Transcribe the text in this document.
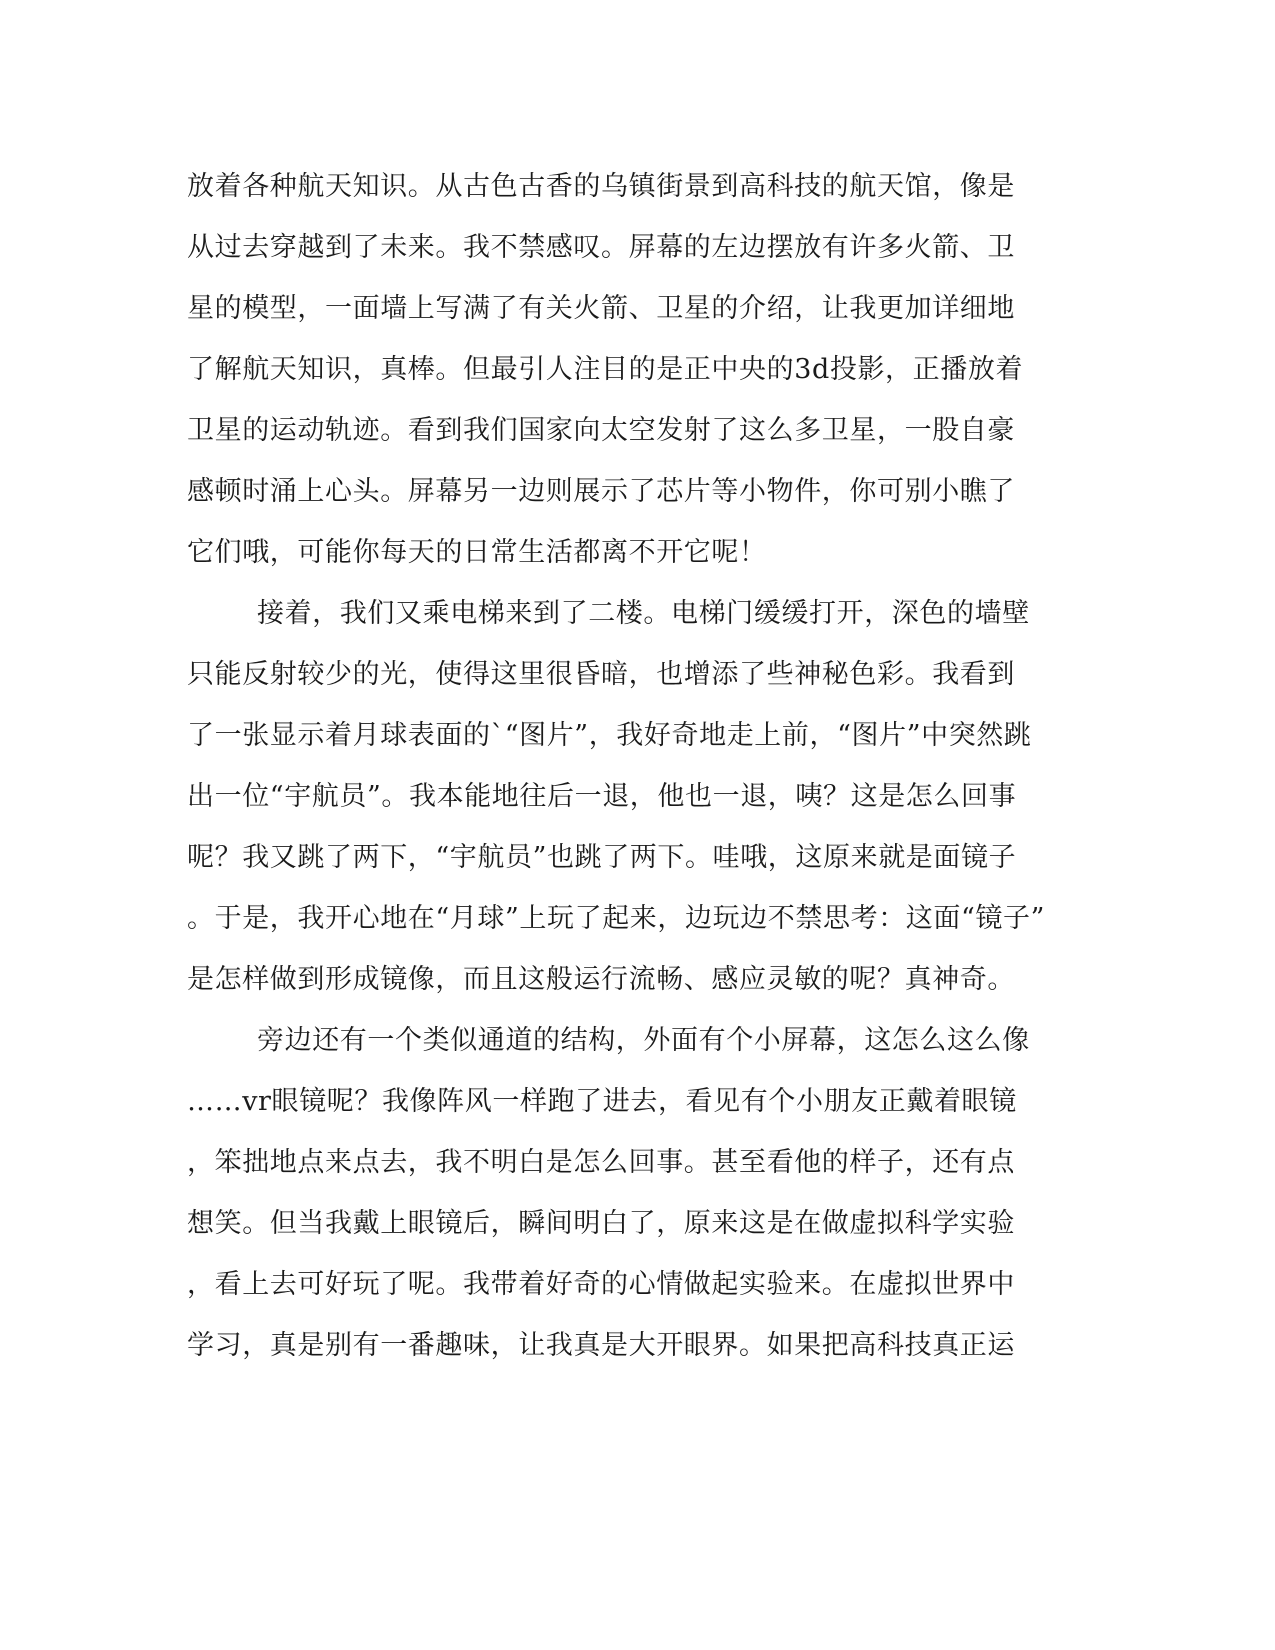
放着各种航天知识。从古色古香的乌镇街景到高科技的航天馆，像是
从过去穿越到了未来。我不禁感叹。屏幕的左边摆放有许多火箭、卫
星的模型，一面墙上写满了有关火箭、卫星的介绍，让我更加详细地
了解航天知识，真棒。但最引人注目的是正中央的3d投影，正播放着
卫星的运动轨迹。看到我们国家向太空发射了这么多卫星，一股自豪
感顿时涌上心头。屏幕另一边则展示了芯片等小物件，你可别小瞧了
它们哦，可能你每天的日常生活都离不开它呢！
接着，我们又乘电梯来到了二楼。电梯门缓缓打开，深色的墙壁
只能反射较少的光，使得这里很昏暗，也增添了些神秘色彩。我看到
了一张显示着月球表面的`“图片”，我好奇地走上前，“图片”中突然跳
出一位“宇航员”。我本能地往后一退，他也一退，咦？这是怎么回事
呢？我又跳了两下，“宇航员”也跳了两下。哇哦，这原来就是面镜子
。于是，我开心地在“月球”上玩了起来，边玩边不禁思考：这面“镜子”
是怎样做到形成镜像，而且这般运行流畅、感应灵敏的呢？真神奇。
旁边还有一个类似通道的结构，外面有个小屏幕，这怎么这么像
……vr眼镜呢？我像阵风一样跑了进去，看见有个小朋友正戴着眼镜
，笨拙地点来点去，我不明白是怎么回事。甚至看他的样子，还有点
想笑。但当我戴上眼镜后，瞬间明白了，原来这是在做虚拟科学实验
，看上去可好玩了呢。我带着好奇的心情做起实验来。在虚拟世界中
学习，真是别有一番趣味，让我真是大开眼界。如果把高科技真正运
